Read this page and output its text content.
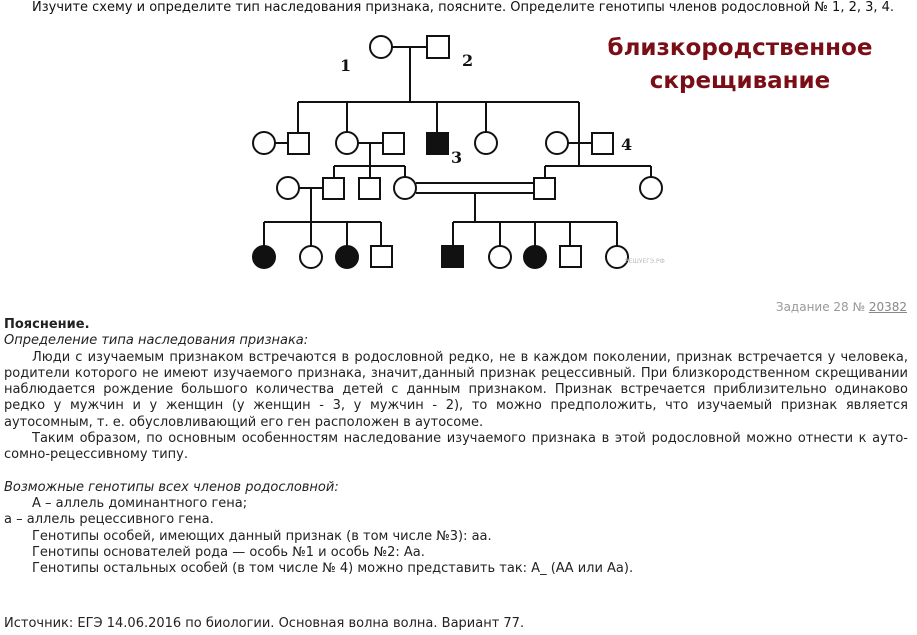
Изучите схему и определите тип наследования признака, поясните. Определите генотипы членов родословной № 1, 2, 3, 4.
1	2
3
4
РЕШУЕГЭ.РФ
близкородственное
скрещивание
Задание 28 № 20382

Пояснение.

Определение типа наследования признака:

Люди с изучаемым признаком встречаются в родословной редко, не в каждом поколении, признак встречается у человека, родители которого не имеют изучаемого признака, значит,данный признак рецессивный. При близкородственном скрещивании наблюдается рождение большого количества детей с данным признаком. Признак встречается приблизительно одинаково редко у мужчин и у женщин (у женщин - 3, у мужчин - 2), то можно предположить, что изучаемый признак является аутосомным, т. е. обусловливающий его ген расположен в аутосоме.

Таким образом, по основным особенностям наследование изучаемого признака в этой родословной можно отнести к ауто-сомно-рецессивному типу.

Возможные генотипы всех членов родословной:

А – аллель доминантного гена;

а – аллель рецессивного гена.

Генотипы особей, имеющих данный признак (в том числе №3): аа.

Генотипы основателей рода — особь №1 и особь №2: Аа.

Генотипы остальных особей (в том числе № 4) можно представить так: А_ (АА или Аа).

Источник: ЕГЭ 14.06.2016 по биологии. Основная волна волна. Вариант 77.
